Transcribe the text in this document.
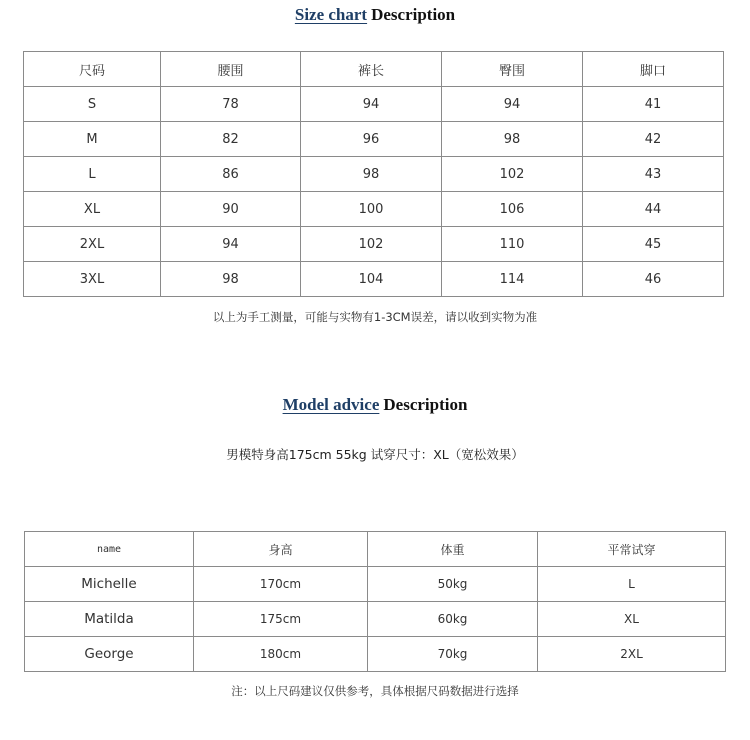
Size chart Description
尺码	腰围	裤长	臀围	脚口
S	78	94	94	41
M	82	96	98	42
L	86	98	102	43
XL	90	100	106	44
2XL	94	102	110	45
3XL	98	104	114	46
以上为手工测量，可能与实物有1-3CM误差，请以收到实物为准
Model advice Description
男模特身高175cm 55kg 试穿尺寸：XL（宽松效果）
name	身高	体重	平常试穿
Michelle	170cm	50kg	L
Matilda	175cm	60kg	XL
George	180cm	70kg	2XL
注：以上尺码建议仅供参考，具体根据尺码数据进行选择
